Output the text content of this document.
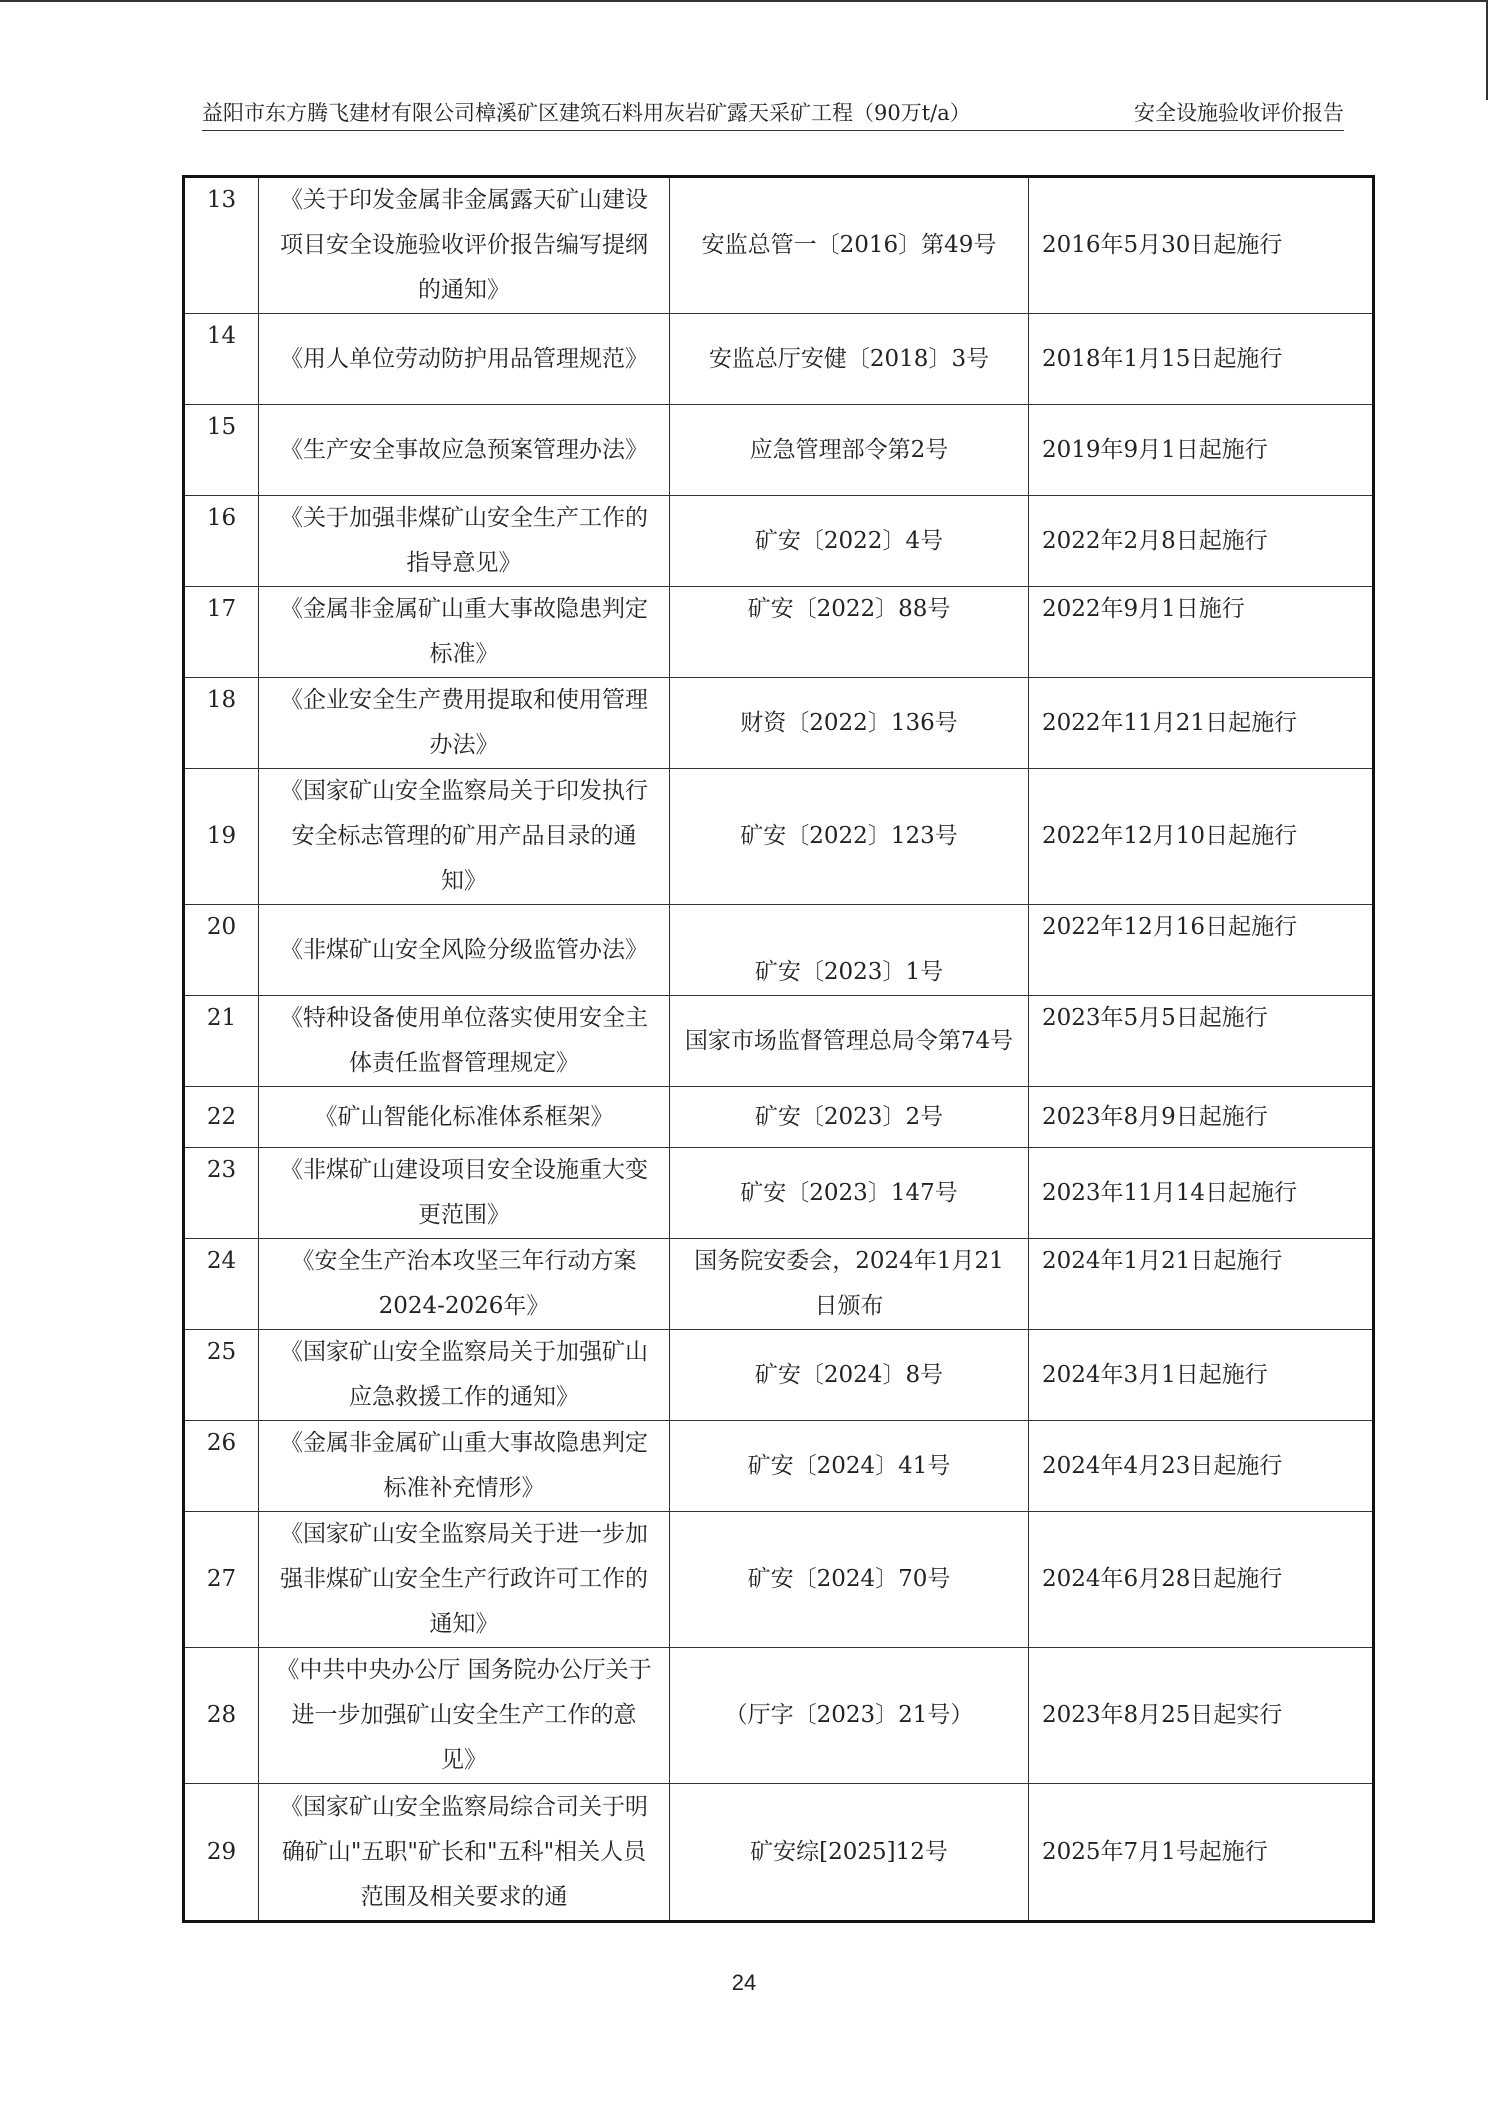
益阳市东方腾飞建材有限公司樟溪矿区建筑石料用灰岩矿露天采矿工程（90万t/a）	安全设施验收评价报告
13	《关于印发金属非金属露天矿山建设项目安全设施验收评价报告编写提纲的通知》	安监总管一〔2016〕第49号	2016年5月30日起施行
14	《用人单位劳动防护用品管理规范》	安监总厅安健〔2018〕3号	2018年1月15日起施行
15	《生产安全事故应急预案管理办法》	应急管理部令第2号	2019年9月1日起施行
16	《关于加强非煤矿山安全生产工作的指导意见》	矿安〔2022〕4号	2022年2月8日起施行
17	《金属非金属矿山重大事故隐患判定标准》	矿安〔2022〕88号	2022年9月1日施行
18	《企业安全生产费用提取和使用管理办法》	财资〔2022〕136号	2022年11月21日起施行
19	《国家矿山安全监察局关于印发执行安全标志管理的矿用产品目录的通知》	矿安〔2022〕123号	2022年12月10日起施行
20	《非煤矿山安全风险分级监管办法》	矿安〔2023〕1号	2022年12月16日起施行
21	《特种设备使用单位落实使用安全主体责任监督管理规定》	国家市场监督管理总局令第74号	2023年5月5日起施行
22	《矿山智能化标准体系框架》	矿安〔2023〕2号	2023年8月9日起施行
23	《非煤矿山建设项目安全设施重大变更范围》	矿安〔2023〕147号	2023年11月14日起施行
24	《安全生产治本攻坚三年行动方案2024-2026年》	国务院安委会，2024年1月21日颁布	2024年1月21日起施行
25	《国家矿山安全监察局关于加强矿山应急救援工作的通知》	矿安〔2024〕8号	2024年3月1日起施行
26	《金属非金属矿山重大事故隐患判定标准补充情形》	矿安〔2024〕41号	2024年4月23日起施行
27	《国家矿山安全监察局关于进一步加强非煤矿山安全生产行政许可工作的通知》	矿安〔2024〕70号	2024年6月28日起施行
28	《中共中央办公厅 国务院办公厅关于进一步加强矿山安全生产工作的意见》	（厅字〔2023〕21号）	2023年8月25日起实行
29	《国家矿山安全监察局综合司关于明确矿山"五职"矿长和"五科"相关人员范围及相关要求的通	矿安综[2025]12号	2025年7月1号起施行
24
